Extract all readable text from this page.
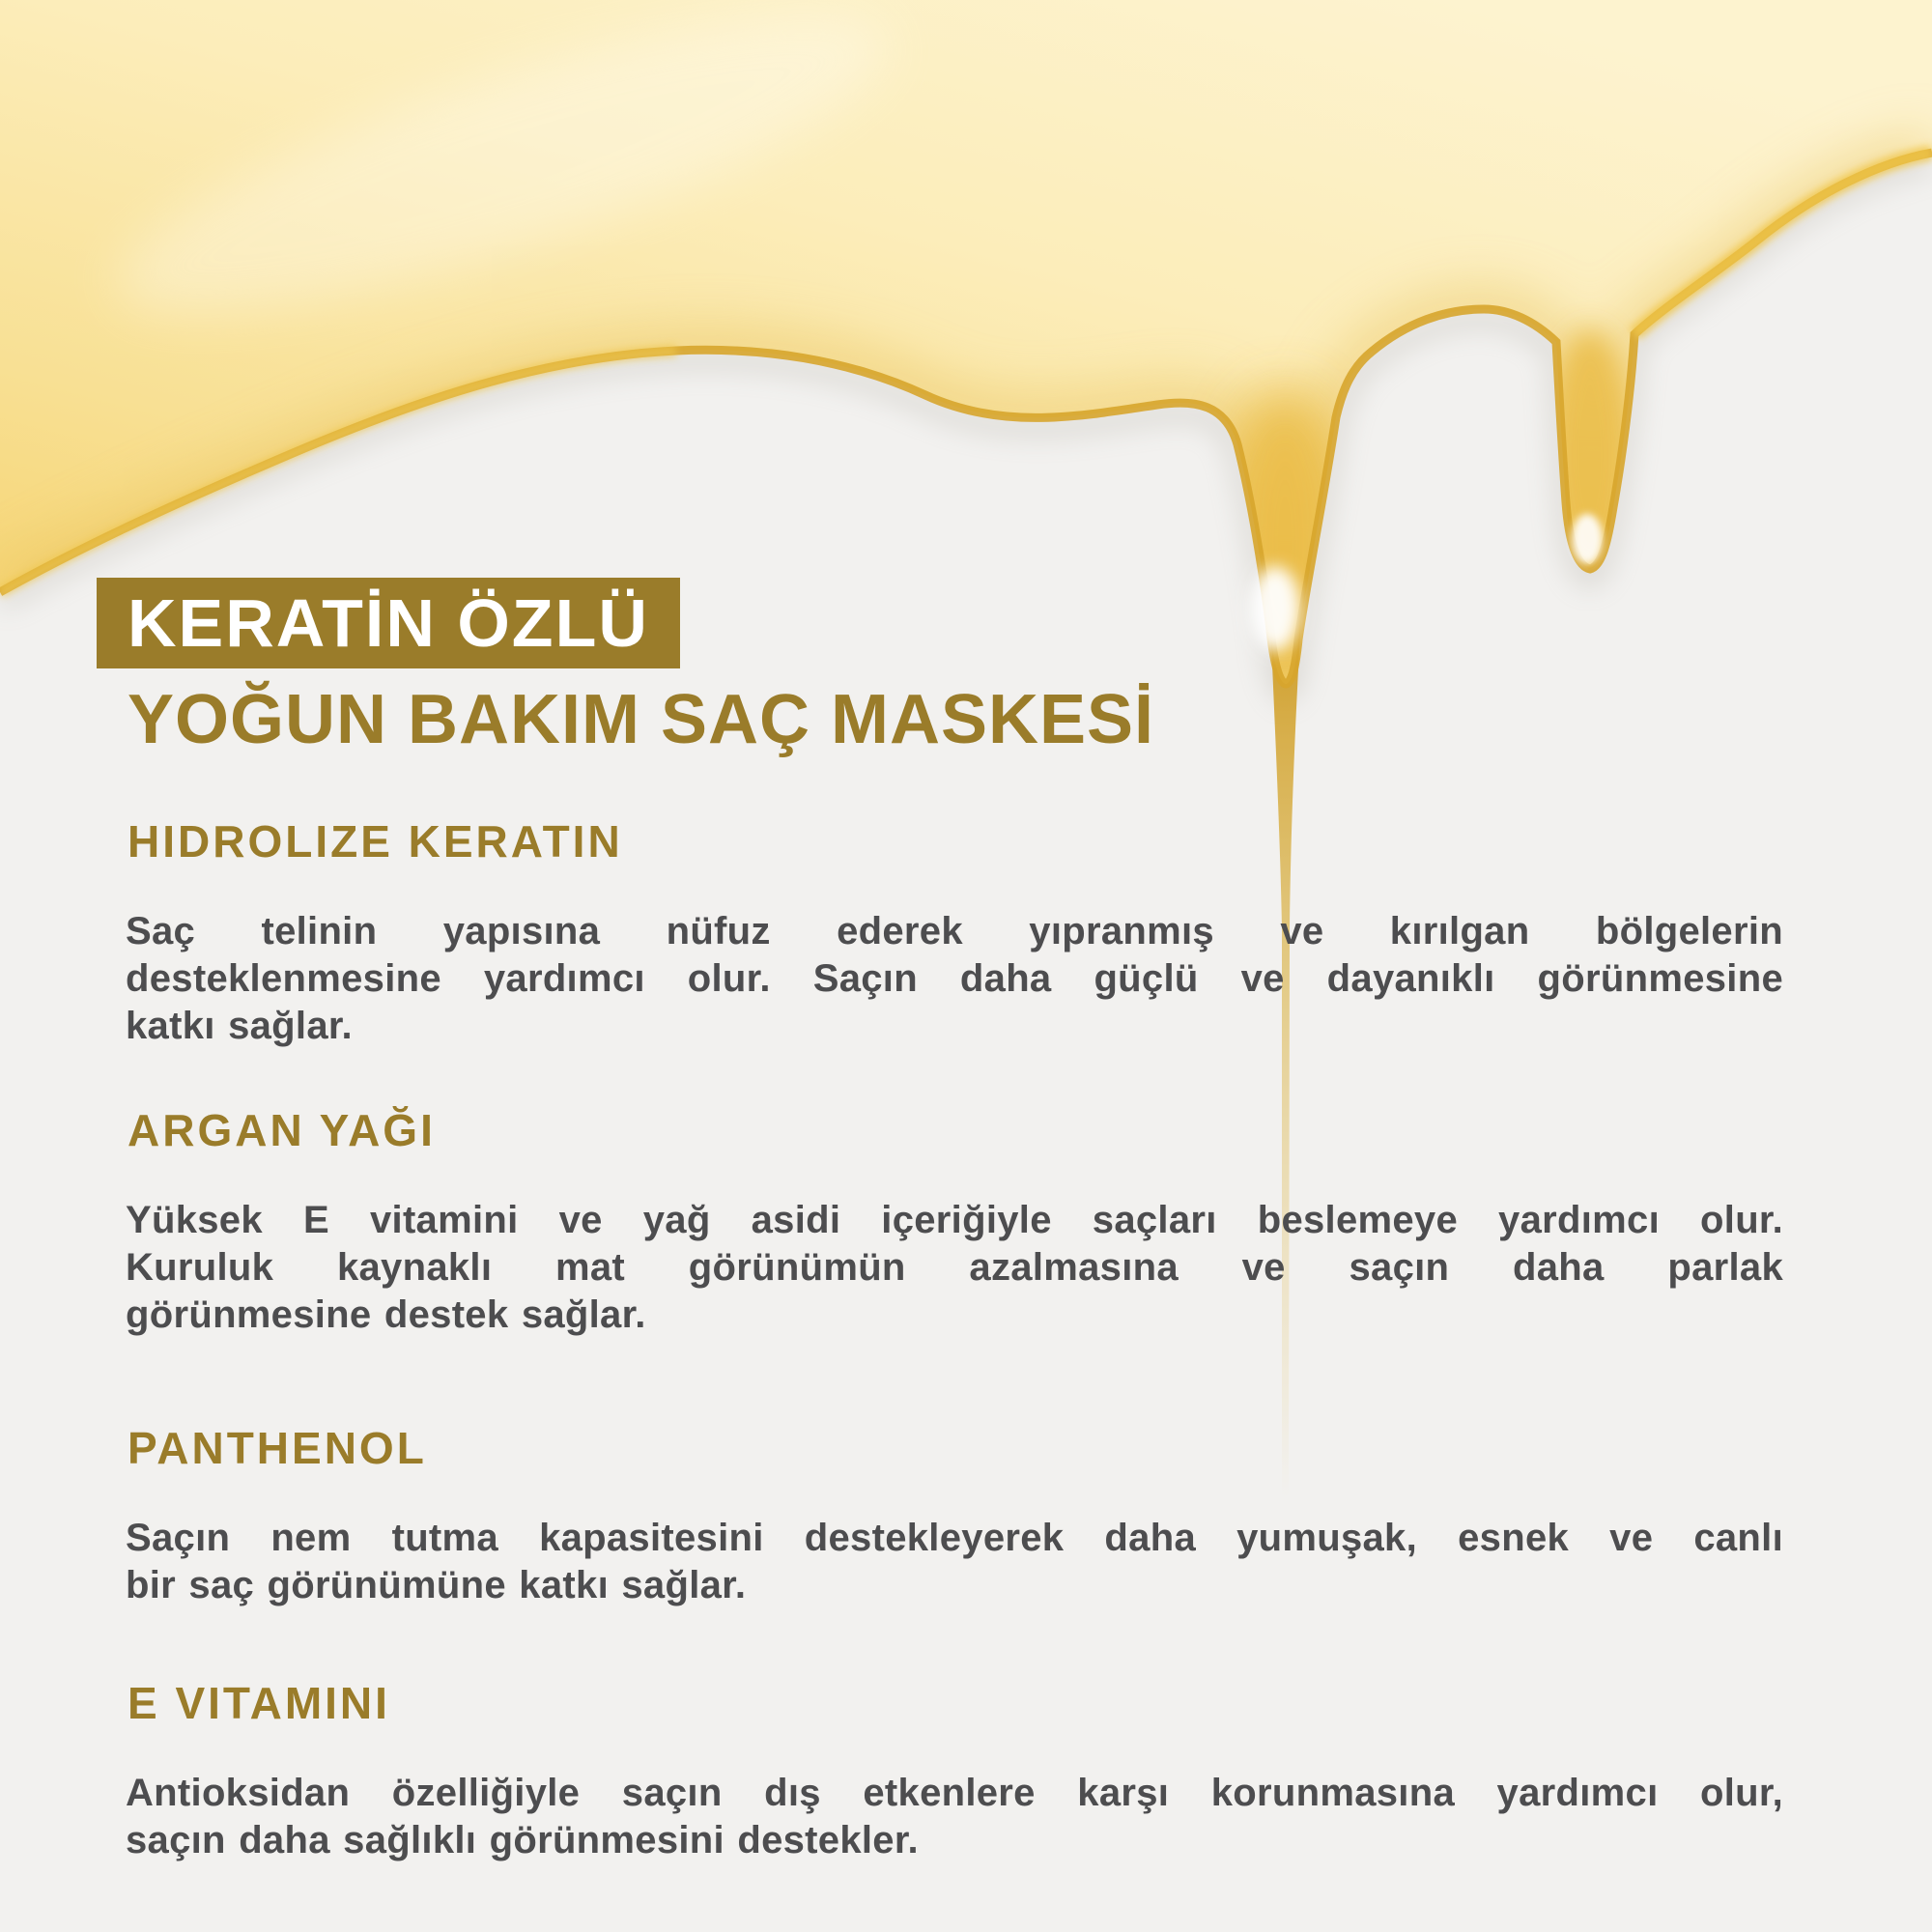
KERATİN ÖZLÜ
YOĞUN BAKIM SAÇ MASKESİ
HIDROLIZE KERATIN

Saç telinin yapısına nüfuz ederek yıpranmış ve kırılgan bölgelerin
desteklenmesine yardımcı olur. Saçın daha güçlü ve dayanıklı görünmesine
katkı sağlar.

ARGAN YAĞI

Yüksek E vitamini ve yağ asidi içeriğiyle saçları beslemeye yardımcı olur.
Kuruluk kaynaklı mat görünümün azalmasına ve saçın daha parlak
görünmesine destek sağlar.

PANTHENOL

Saçın nem tutma kapasitesini destekleyerek daha yumuşak, esnek ve canlı
bir saç görünümüne katkı sağlar.

E VITAMINI

Antioksidan özelliğiyle saçın dış etkenlere karşı korunmasına yardımcı olur,
saçın daha sağlıklı görünmesini destekler.
